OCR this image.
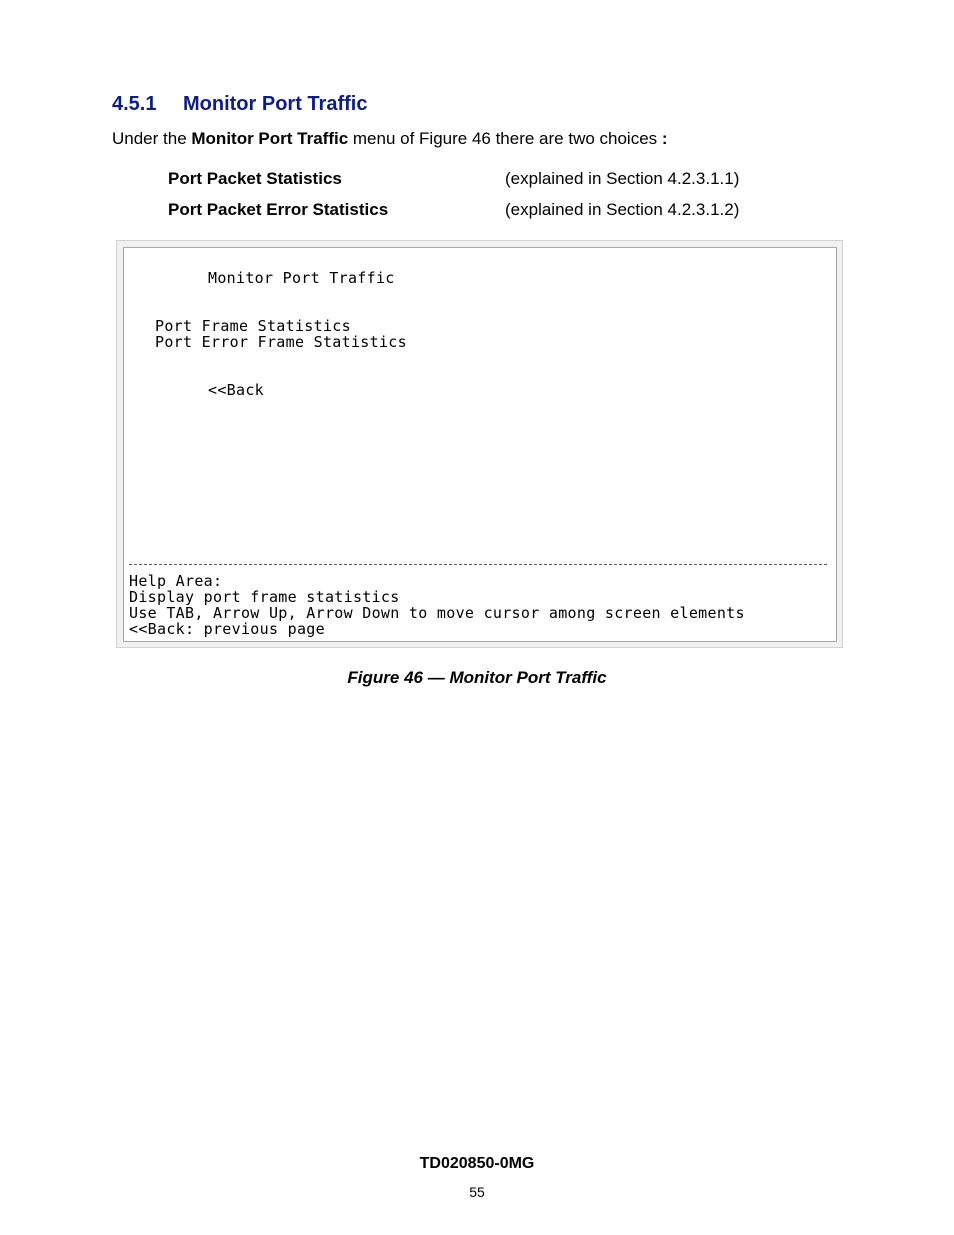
4.5.1 Monitor Port Traffic
Under the Monitor Port Traffic menu of Figure 46 there are two choices :
Port Packet Statistics	(explained in Section 4.2.3.1.1)
Port Packet Error Statistics	(explained in Section 4.2.3.1.2)
Monitor Port Traffic
Port Frame Statistics
Port Error Frame Statistics
<<Back
Help Area:
Display port frame statistics
Use TAB, Arrow Up, Arrow Down to move cursor among screen elements
<<Back: previous page
Figure 46 — Monitor Port Traffic
TD020850-0MG
55
